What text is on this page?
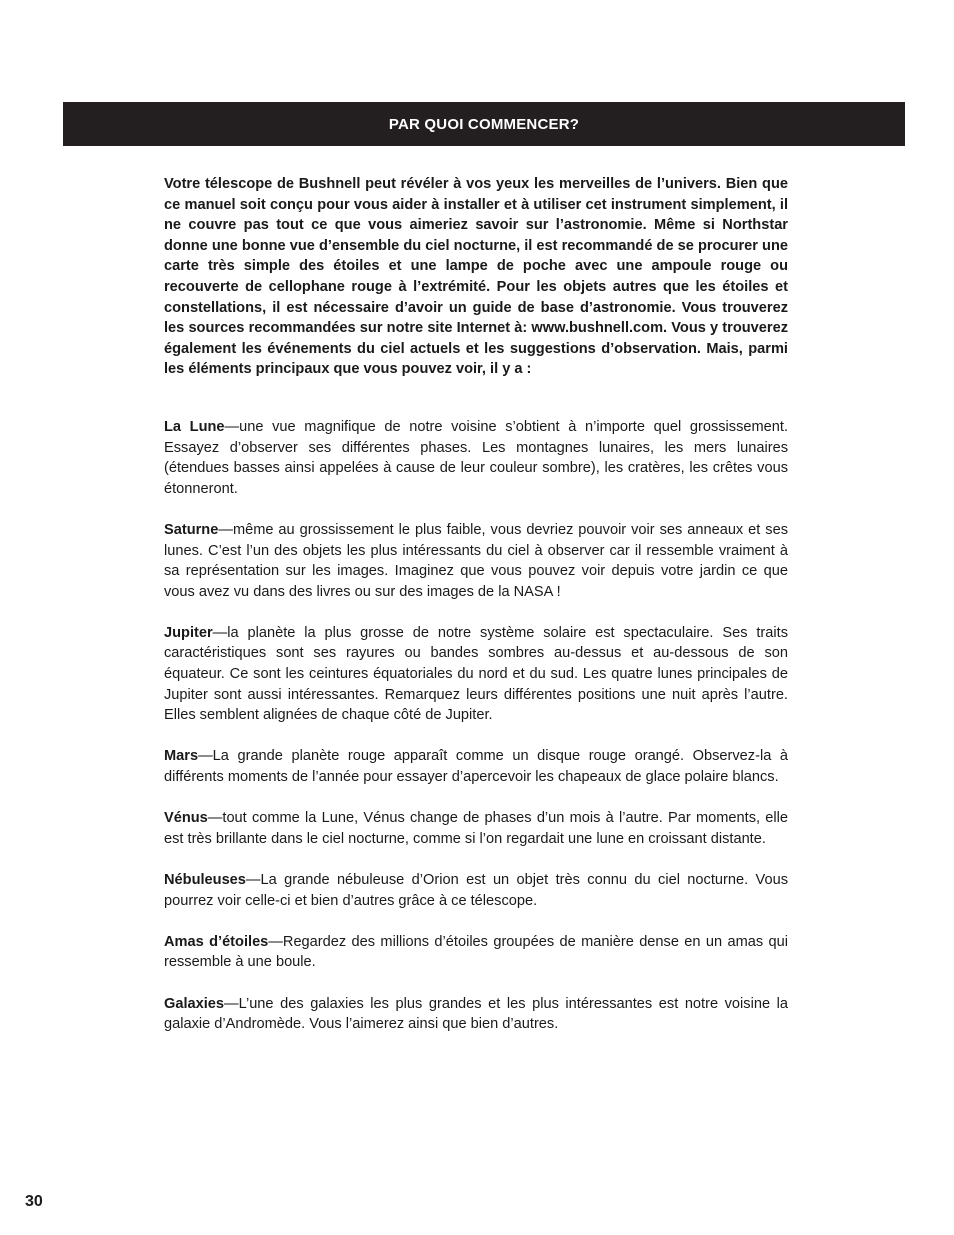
PAR QUOI COMMENCER?

Votre télescope de Bushnell peut révéler à vos yeux les merveilles de l’univers. Bien que ce manuel soit conçu pour vous aider à installer et à utiliser cet instrument simplement, il ne couvre pas tout ce que vous aimeriez savoir sur l’astronomie. Même si Northstar donne une bonne vue d’ensemble du ciel nocturne, il est recommandé de se procurer une carte très simple des étoiles et une lampe de poche avec une ampoule rouge ou recouverte de cellophane rouge à l’extrémité. Pour les objets autres que les étoiles et constellations, il est nécessaire d’avoir un guide de base d’astronomie. Vous trouverez les sources recommandées sur notre site Internet à: www.bushnell.com. Vous y trouverez également les événements du ciel actuels et les suggestions d’observation. Mais, parmi les éléments principaux que vous pouvez voir, il y a :

La Lune—une vue magnifique de notre voisine s’obtient à n’importe quel grossissement. Essayez d’observer ses différentes phases. Les montagnes lunaires, les mers lunaires (étendues basses ainsi appelées à cause de leur couleur sombre), les cratères, les crêtes vous étonneront.

Saturne—même au grossissement le plus faible, vous devriez pouvoir voir ses anneaux et ses lunes. C’est l’un des objets les plus intéressants du ciel à observer car il ressemble vraiment à sa représentation sur les images. Imaginez que vous pouvez voir depuis votre jardin ce que vous avez vu dans des livres ou sur des images de la NASA !

Jupiter—la planète la plus grosse de notre système solaire est spectaculaire. Ses traits caractéristiques sont ses rayures ou bandes sombres au-dessus et au-dessous de son équateur. Ce sont les ceintures équatoriales du nord et du sud. Les quatre lunes principales de Jupiter sont aussi intéressantes. Remarquez leurs différentes positions une nuit après l’autre. Elles semblent alignées de chaque côté de Jupiter.

Mars—La grande planète rouge apparaît comme un disque rouge orangé. Observez-la à différents moments de l’année pour essayer d’apercevoir les chapeaux de glace polaire blancs.

Vénus—tout comme la Lune, Vénus change de phases d’un mois à l’autre. Par moments, elle est très brillante dans le ciel nocturne, comme si l’on regardait une lune en croissant distante.

Nébuleuses—La grande nébuleuse d’Orion est un objet très connu du ciel nocturne. Vous pourrez voir celle-ci et bien d’autres grâce à ce télescope.

Amas d’étoiles—Regardez des millions d’étoiles groupées de manière dense en un amas qui ressemble à une boule.

Galaxies—L’une des galaxies les plus grandes et les plus intéressantes est notre voisine la galaxie d’Andromède. Vous l’aimerez ainsi que bien d’autres.

30
